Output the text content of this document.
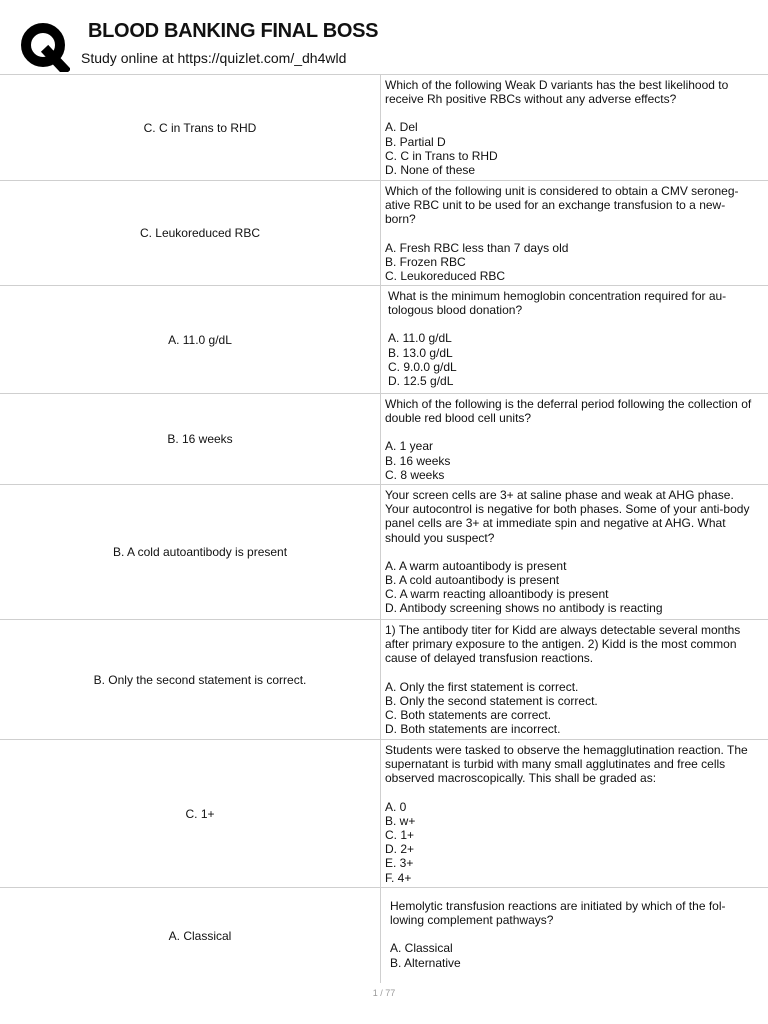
BLOOD BANKING FINAL BOSS
Study online at https://quizlet.com/_dh4wld
C. C in Trans to RHD
Which of the following Weak D variants has the best likelihood to receive Rh positive RBCs without any adverse effects?
A. Del
B. Partial D
C. C in Trans to RHD
D. None of these
C. Leukoreduced RBC
Which of the following unit is considered to obtain a CMV seroneg-ative RBC unit to be used for an exchange transfusion to a new-born?
A. Fresh RBC less than 7 days old
B. Frozen RBC
C. Leukoreduced RBC
A. 11.0 g/dL
What is the minimum hemoglobin concentration required for au-tologous blood donation?
A. 11.0 g/dL
B. 13.0 g/dL
C. 9.0.0 g/dL
D. 12.5 g/dL
B. 16 weeks
Which of the following is the deferral period following the collection of double red blood cell units?
A. 1 year
B. 16 weeks
C. 8 weeks
B. A cold autoantibody is present
Your screen cells are 3+ at saline phase and weak at AHG phase. Your autocontrol is negative for both phases. Some of your anti-body panel cells are 3+ at immediate spin and negative at AHG. What should you suspect?
A. A warm autoantibody is present
B. A cold autoantibody is present
C. A warm reacting alloantibody is present
D. Antibody screening shows no antibody is reacting
B. Only the second statement is correct.
1) The antibody titer for Kidd are always detectable several months after primary exposure to the antigen. 2) Kidd is the most common cause of delayed transfusion reactions.
A. Only the first statement is correct.
B. Only the second statement is correct.
C. Both statements are correct.
D. Both statements are incorrect.
C. 1+
Students were tasked to observe the hemagglutination reaction. The supernatant is turbid with many small agglutinates and free cells observed macroscopically. This shall be graded as:
A. 0
B. w+
C. 1+
D. 2+
E. 3+
F. 4+
A. Classical
Hemolytic transfusion reactions are initiated by which of the fol-lowing complement pathways?
A. Classical
B. Alternative
1 / 77
